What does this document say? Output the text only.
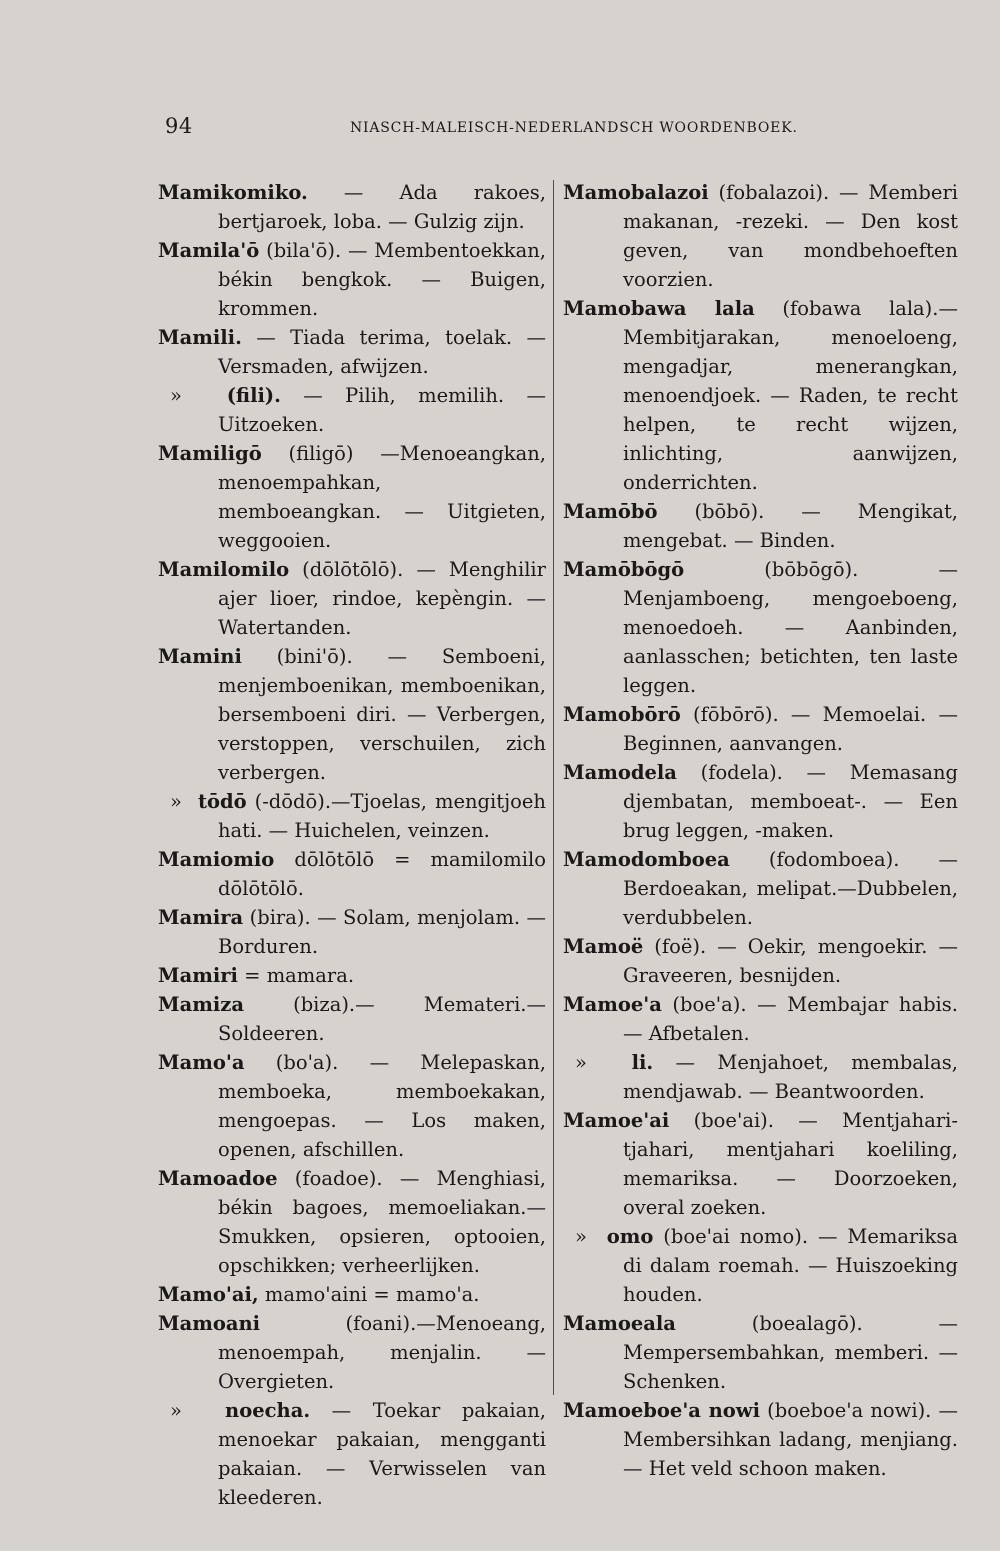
94	NIASCH-MALEISCH-NEDERLANDSCH WOORDENBOEK.
Mamikomiko. — Ada rakoes, bertjaroek, loba. — Gulzig zijn.
Mamila'ō (bila'ō). — Membentoekkan, békin bengkok. — Buigen, krommen.
Mamili. — Tiada terima, toelak. — Versmaden, afwijzen.
» (fili). — Pilih, memilih. — Uitzoeken.
Mamiligō (filigō) —Menoeangkan, menoempahkan, memboeangkan. — Uitgieten, weggooien.
Mamilomilo (dōlōtōlō). — Menghilir ajer lioer, rindoe, kepèngin. — Watertanden.
Mamini (bini'ō). — Semboeni, menjemboenikan, memboenikan, bersemboeni diri. — Verbergen, verstoppen, verschuilen, zich verbergen.
» tōdō (-dōdō).—Tjoelas, mengitjoeh hati. — Huichelen, veinzen.
Mamiomio dōlōtōlō = mamilomilo dōlōtōlō.
Mamira (bira). — Solam, menjolam. — Borduren.
Mamiri = mamara.
Mamiza (biza).— Memateri.—Soldeeren.
Mamo'a (bo'a). — Melepaskan, memboeka, memboekakan, mengoepas. — Los maken, openen, afschillen.
Mamoadoe (foadoe). — Menghiasi, békin bagoes, memoeliakan.—Smukken, opsieren, optooien, opschikken; verheerlijken.
Mamo'ai, mamo'aini = mamo'a.
Mamoani (foani).—Menoeang, menoempah, menjalin. — Overgieten.
» noecha. — Toekar pakaian, menoekar pakaian, mengganti pakaian. — Verwisselen van kleederen.
Mamobalazoi (fobalazoi). — Memberi makanan, -rezeki. — Den kost geven, van mondbehoeften voorzien.
Mamobawa lala (fobawa lala).—Membitjarakan, menoeloeng, mengadjar, menerangkan, menoendjoek. — Raden, te recht helpen, te recht wijzen, inlichting, aanwijzen, onderrichten.
Mamōbō (bōbō). — Mengikat, mengebat. — Binden.
Mamōbōgō (bōbōgō). — Menjamboeng, mengoeboeng, menoedoeh. — Aanbinden, aanlasschen; betichten, ten laste leggen.
Mamobōrō (fōbōrō). — Memoelai. — Beginnen, aanvangen.
Mamodela (fodela). — Memasang djembatan, memboeat-. — Een brug leggen, -maken.
Mamodomboea (fodomboea). — Berdoeakan, melipat.—Dubbelen, verdubbelen.
Mamoë (foë). — Oekir, mengoekir. — Graveeren, besnijden.
Mamoe'a (boe'a). — Membajar habis. — Afbetalen.
» li. — Menjahoet, membalas, mendjawab. — Beantwoorden.
Mamoe'ai (boe'ai). — Mentjahari-tjahari, mentjahari koeliling, memariksa. — Doorzoeken, overal zoeken.
» omo (boe'ai nomo). — Memariksa di dalam roemah. — Huiszoeking houden.
Mamoeala (boealagō). — Mempersembahkan, memberi. — Schenken.
Mamoeboe'a nowi (boeboe'a nowi). — Membersihkan ladang, menjiang.— Het veld schoon maken.
